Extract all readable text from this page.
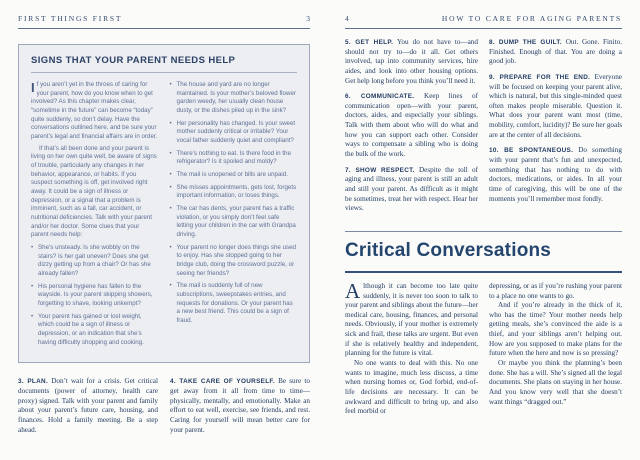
FIRST THINGS FIRST	3
SIGNS THAT YOUR PARENT NEEDS HELP

If you aren’t yet in the throes of caring for your parent, how do you know when to get involved? As this chapter makes clear, “sometime in the future” can become “today” quite suddenly, so don’t delay. Have the conversations outlined here, and be sure your parent’s legal and financial affairs are in order.

If that’s all been done and your parent is living on her own quite well, be aware of signs of trouble, particularly any changes in her behavior, appearance, or habits. If you suspect something is off, get involved right away. It could be a sign of illness or depression, or a signal that a problem is imminent, such as a fall, car accident, or nutritional deficiencies. Talk with your parent and/or her doctor. Some clues that your parent needs help:

• She’s unsteady. Is she wobbly on the stairs? Is her gait uneven? Does she get dizzy getting up from a chair? Or has she already fallen?
• His personal hygiene has fallen to the wayside. Is your parent skipping showers, forgetting to shave, looking unkempt?
• Your parent has gained or lost weight, which could be a sign of illness or depression, or an indication that she’s having difficulty shopping and cooking.
• The house and yard are no longer maintained. Is your mother’s beloved flower garden weedy, her usually clean house dusty, or the dishes piled up in the sink?
• Her personality has changed. Is your sweet mother suddenly critical or irritable? Your vocal father suddenly quiet and compliant?
• There’s nothing to eat. Is there food in the refrigerator? Is it spoiled and moldy?
• The mail is unopened or bills are unpaid.
• She misses appointments, gets lost, forgets important information, or loses things.
• The car has dents, your parent has a traffic violation, or you simply don’t feel safe letting your children in the car with Grandpa driving.
• Your parent no longer does things she used to enjoy. Has she stopped going to her bridge club, doing the crossword puzzle, or seeing her friends?
• The mail is suddenly full of new subscriptions, sweepstakes entries, and requests for donations. Or your parent has a new best friend. This could be a sign of fraud.
3. PLAN. Don’t wait for a crisis. Get critical documents (power of attorney, health care proxy) signed. Talk with your parent and family about your parent’s future care, housing, and finances. Hold a family meeting. Be a step ahead.
4. TAKE CARE OF YOURSELF. Be sure to get away from it all from time to time—physically, mentally, and emotionally. Make an effort to eat well, exercise, see friends, and rest. Caring for yourself will mean better care for your parent.
4	HOW TO CARE FOR AGING PARENTS

5. GET HELP. You do not have to—and should not try to—do it all. Get others involved, tap into community services, hire aides, and look into other housing options. Get help long before you think you’ll need it.

6. COMMUNICATE. Keep lines of communication open—with your parent, doctors, aides, and especially your siblings. Talk with them about who will do what and how you can support each other. Consider ways to compensate a sibling who is doing the bulk of the work.

7. SHOW RESPECT. Despite the toll of aging and illness, your parent is still an adult and still your parent. As difficult as it might be sometimes, treat her with respect. Hear her views.

8. DUMP THE GUILT. Out. Gone. Finito. Finished. Enough of that. You are doing a good job.

9. PREPARE FOR THE END. Everyone will be focused on keeping your parent alive, which is natural, but this single-minded quest often makes people miserable. Question it. What does your parent want most (time, mobility, comfort, lucidity)? Be sure her goals are at the center of all decisions.

10. BE SPONTANEOUS. Do something with your parent that’s fun and unexpected, something that has nothing to do with doctors, medications, or aides. In all your time of caregiving, this will be one of the moments you’ll remember most fondly.

Critical Conversations

Although it can become too late quite suddenly, it is never too soon to talk to your parent and siblings about the future—her medical care, housing, finances, and personal needs. Obviously, if your mother is extremely sick and frail, these talks are urgent. But even if she is relatively healthy and independent, planning for the future is vital.

No one wants to deal with this. No one wants to imagine, much less discuss, a time when nursing homes or, God forbid, end-of-life decisions are necessary. It can be awkward and difficult to bring up, and also feel morbid or

depressing, or as if you’re rushing your parent to a place no one wants to go.

And if you’re already in the thick of it, who has the time? Your mother needs help getting meals, she’s convinced the aide is a thief, and your siblings aren’t helping out. How are you supposed to make plans for the future when the here and now is so pressing?

Or maybe you think the planning’s been done. She has a will. She’s signed all the legal documents. She plans on staying in her house. And you know very well that she doesn’t want things “dragged out.”
